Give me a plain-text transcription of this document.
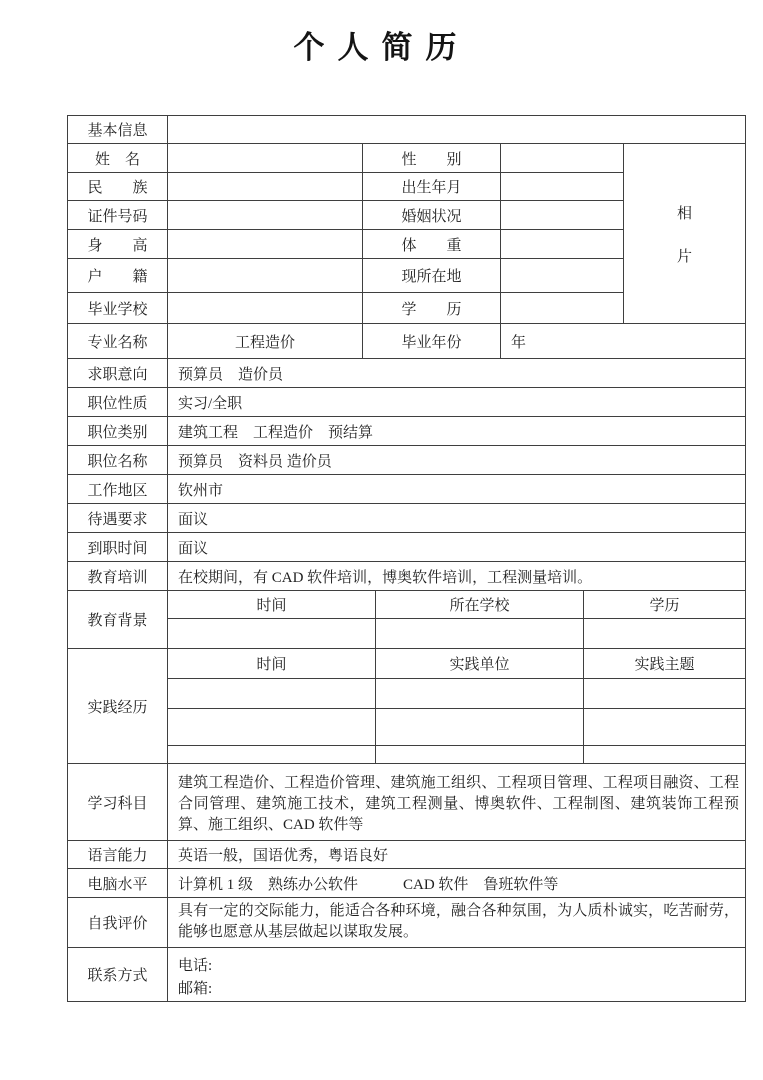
个人简历
基本信息				
姓　名		性　　别		相
片

民　　族		出生年月		
证件号码		婚姻状况		
身　　高		体　　重		
户　　籍		现所在地		
毕业学校		学　　历		
专业名称	工程造价	毕业年份	年	
求职意向	预算员　造价员
职位性质	实习/全职
职位类别	建筑工程　工程造价　预结算
职位名称	预算员　资料员 造价员
工作地区	钦州市
待遇要求	面议
到职时间	面议
教育培训	在校期间，有 CAD 软件培训，博奥软件培训，工程测量培训。
教育背景	时间	所在学校	学历

实践经历	时间	实践单位	实践主题

学习科目	建筑工程造价、工程造价管理、建筑施工组织、工程项目管理、工程项目融资、工程合同管理、建筑施工技术，建筑工程测量、博奥软件、工程制图、建筑装饰工程预算、施工组织、CAD 软件等
语言能力	英语一般，国语优秀，粤语良好
电脑水平	计算机 1 级　熟练办公软件　　　CAD 软件　鲁班软件等
自我评价	具有一定的交际能力，能适合各种环境，融合各种氛围，为人质朴诚实，吃苦耐劳，能够也愿意从基层做起以谋取发展。
联系方式	电话:
邮箱:
